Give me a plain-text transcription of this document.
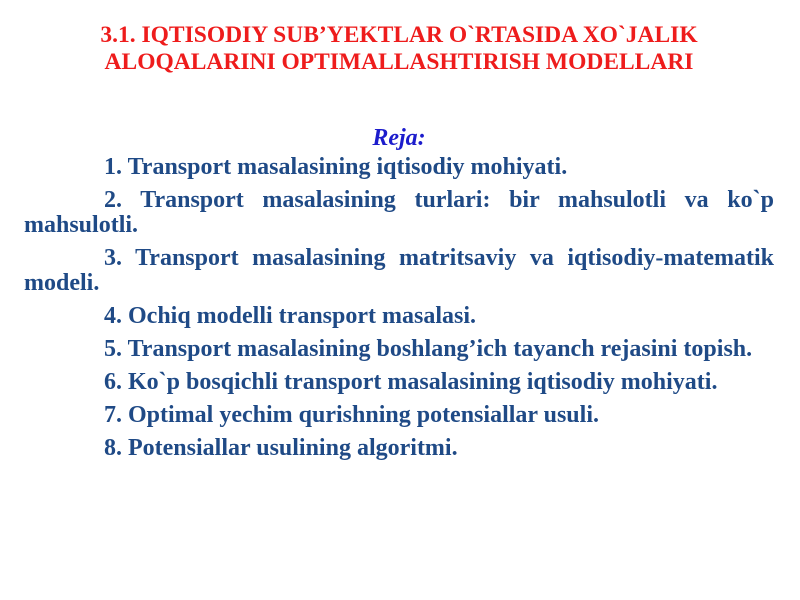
3.1. IQTISODIY SUB’YEKTLAR O`RTASIDA XO`JALIK
ALOQALARINI OPTIMALLASHTIRISH MODELLARI
Reja:
1. Transport masalasining iqtisodiy mohiyati.
2. Transport masalasining turlari: bir mahsulotli va ko`p mahsulotli.
3. Transport masalasining matritsaviy va iqtisodiy-matematik modeli.
4. Ochiq modelli transport masalasi.
5. Transport masalasining boshlang’ich tayanch rejasini topish.
6. Ko`p bosqichli transport masalasining iqtisodiy mohiyati.
7. Optimal yechim qurishning potensiallar usuli.
8. Potensiallar usulining algoritmi.
